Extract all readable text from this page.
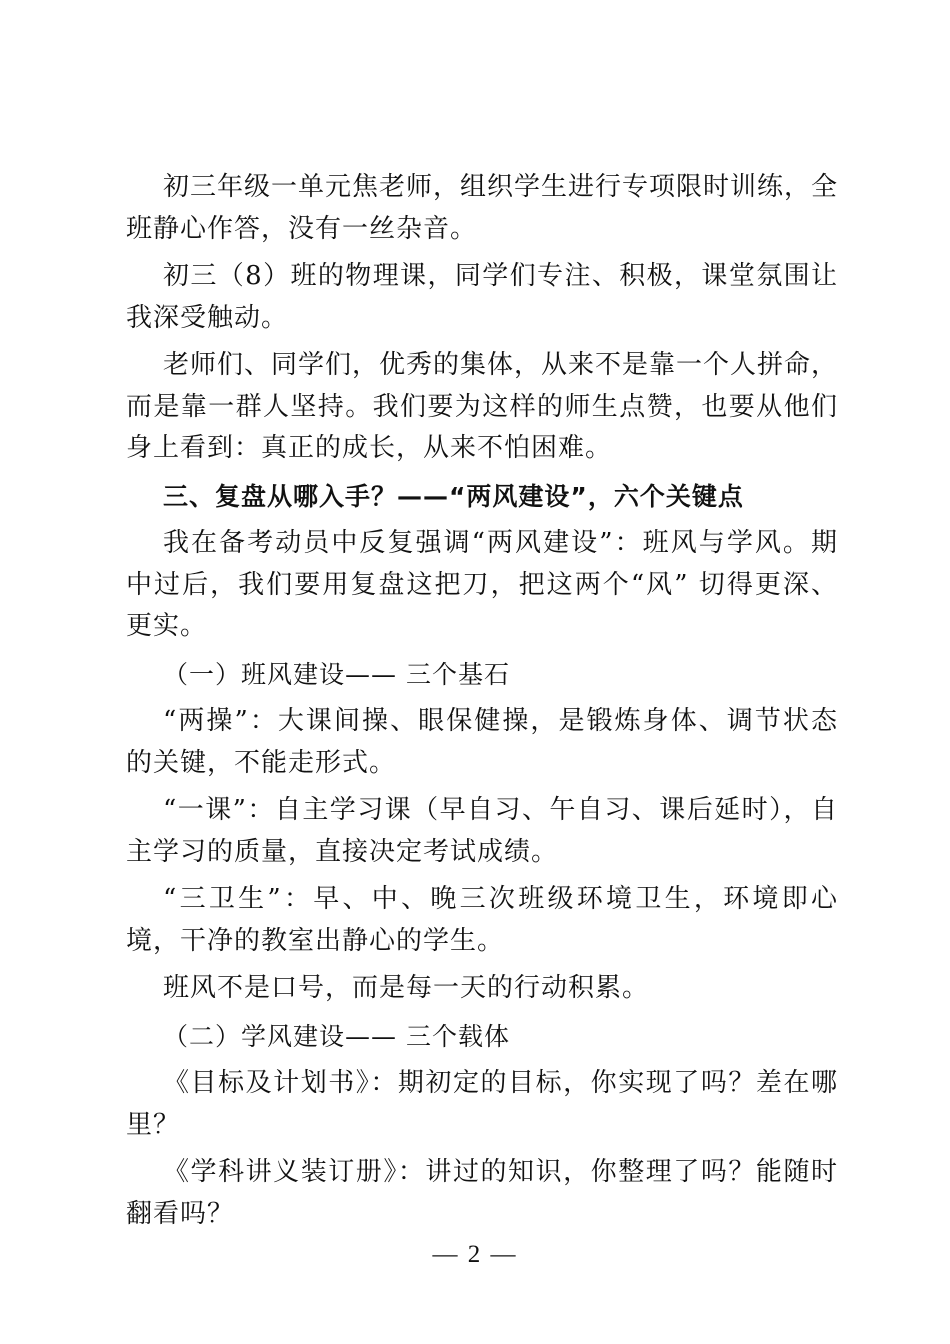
初三年级一单元焦老师，组织学生进行专项限时训练，全班静心作答，没有一丝杂音。

初三（8）班的物理课，同学们专注、积极，课堂氛围让我深受触动。

老师们、同学们，优秀的集体，从来不是靠一个人拼命，而是靠一群人坚持。我们要为这样的师生点赞，也要从他们身上看到：真正的成长，从来不怕困难。

三、复盘从哪入手？——“两风建设”，六个关键点

我在备考动员中反复强调“两风建设”：班风与学风。期中过后，我们要用复盘这把刀，把这两个“风” 切得更深、更实。

（一）班风建设—— 三个基石

“两操”：大课间操、眼保健操，是锻炼身体、调节状态的关键，不能走形式。

“一课”：自主学习课（早自习、午自习、课后延时），自主学习的质量，直接决定考试成绩。

“三卫生”：早、中、晚三次班级环境卫生，环境即心境，干净的教室出静心的学生。

班风不是口号，而是每一天的行动积累。

（二）学风建设—— 三个载体

《目标及计划书》：期初定的目标，你实现了吗？差在哪里？

《学科讲义装订册》：讲过的知识，你整理了吗？能随时翻看吗？

— 2 —
